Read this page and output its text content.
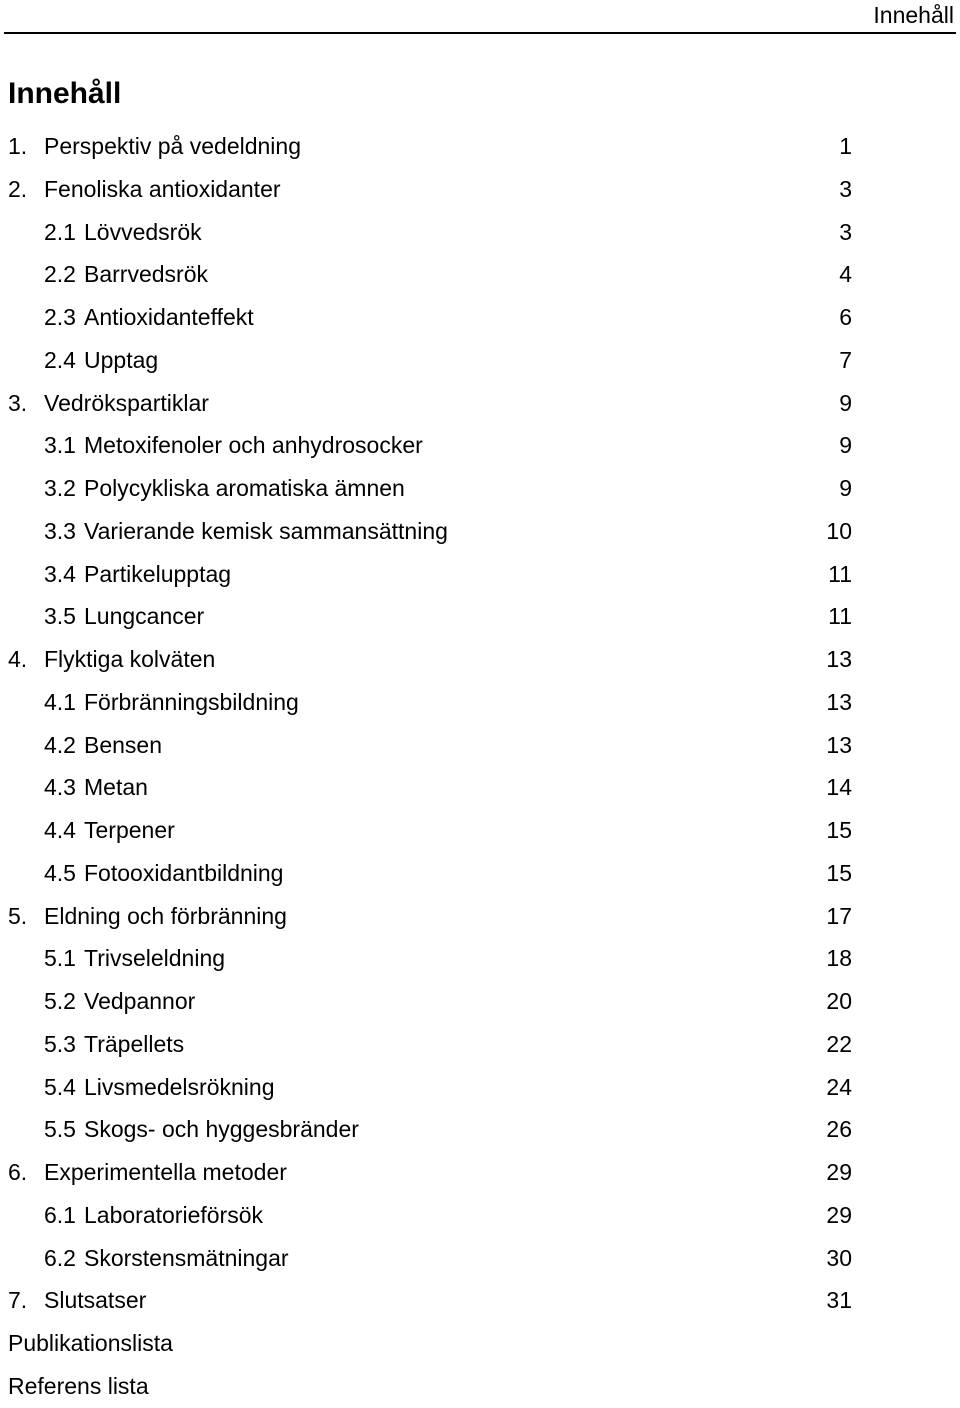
Innehåll
Innehåll
1. Perspektiv på vedeldning	1
2. Fenoliska antioxidanter	3
2.1 Lövvedsrök	3
2.2 Barrvedsrök	4
2.3 Antioxidanteffekt	6
2.4 Upptag	7
3. Vedrökspartiklar	9
3.1 Metoxifenoler och anhydrosocker	9
3.2 Polycykliska aromatiska ämnen	9
3.3 Varierande kemisk sammansättning	10
3.4 Partikelupptag	11
3.5 Lungcancer	11
4. Flyktiga kolväten	13
4.1 Förbränningsbildning	13
4.2 Bensen	13
4.3 Metan	14
4.4 Terpener	15
4.5 Fotooxidantbildning	15
5. Eldning och förbränning	17
5.1 Trivseleldning	18
5.2 Vedpannor	20
5.3 Träpellets	22
5.4 Livsmedelsrökning	24
5.5 Skogs- och hyggesbränder	26
6. Experimentella metoder	29
6.1 Laboratorieförsök	29
6.2 Skorstensmätningar	30
7. Slutsatser	31
Publikationslista
Referens lista
